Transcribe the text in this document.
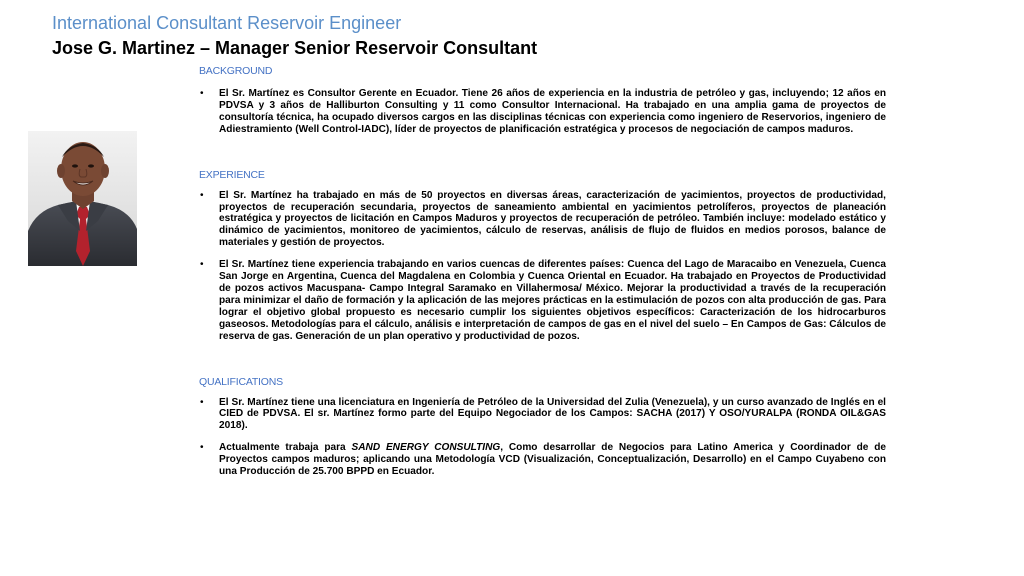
International Consultant Reservoir Engineer
Jose G. Martinez – Manager Senior Reservoir Consultant
BACKGROUND
• El Sr. Martínez es Consultor Gerente en Ecuador. Tiene 26 años de experiencia en la industria de petróleo y gas, incluyendo; 12 años en PDVSA y 3 años de Halliburton Consulting y 11 como Consultor Internacional. Ha trabajado en una amplia gama de proyectos de consultoría técnica, ha ocupado diversos cargos en las disciplinas técnicas con experiencia como ingeniero de Reservorios, ingeniero de Adiestramiento (Well Control-IADC), líder de proyectos de planificación estratégica y procesos de negociación de campos maduros.
EXPERIENCE
• El Sr. Martínez ha trabajado en más de 50 proyectos en diversas áreas, caracterización de yacimientos, proyectos de productividad, proyectos de recuperación secundaria, proyectos de saneamiento ambiental en yacimientos petrolíferos, proyectos de planeación estratégica y proyectos de licitación en Campos Maduros y proyectos de recuperación de petróleo. También incluye: modelado estático y dinámico de yacimientos, monitoreo de yacimientos, cálculo de reservas, análisis de flujo de fluidos en medios porosos, balance de materiales y gestión de proyectos.
• El Sr. Martínez tiene experiencia trabajando en varios cuencas de diferentes países: Cuenca del Lago de Maracaibo en Venezuela, Cuenca San Jorge en Argentina, Cuenca del Magdalena en Colombia y Cuenca Oriental en Ecuador. Ha trabajado en Proyectos de Productividad de pozos activos Macuspana- Campo Integral Saramako en Villahermosa/ México. Mejorar la productividad a través de la recuperación para minimizar el daño de formación y la aplicación de las mejores prácticas en la estimulación de pozos con alta producción de gas. Para lograr el objetivo global propuesto es necesario cumplir los siguientes objetivos específicos: Caracterización de los hidrocarburos gaseosos. Metodologías para el cálculo, análisis e interpretación de campos de gas en el nivel del suelo – En Campos de Gas: Cálculos de reserva de gas. Generación de un plan operativo y productividad de pozos.
QUALIFICATIONS
• El Sr. Martínez tiene una licenciatura en Ingeniería de Petróleo de la Universidad del Zulia (Venezuela), y un curso avanzado de Inglés en el CIED de PDVSA. El sr. Martínez formo parte del Equipo Negociador de los Campos: SACHA (2017) Y OSO/YURALPA (RONDA OIL&GAS 2018).
• Actualmente trabaja para SAND ENERGY CONSULTING, Como desarrollar de Negocios para Latino America y Coordinador de de Proyectos campos maduros; aplicando una Metodología VCD (Visualización, Conceptualización, Desarrollo) en el Campo Cuyabeno con una Producción de 25.700 BPPD en Ecuador.
